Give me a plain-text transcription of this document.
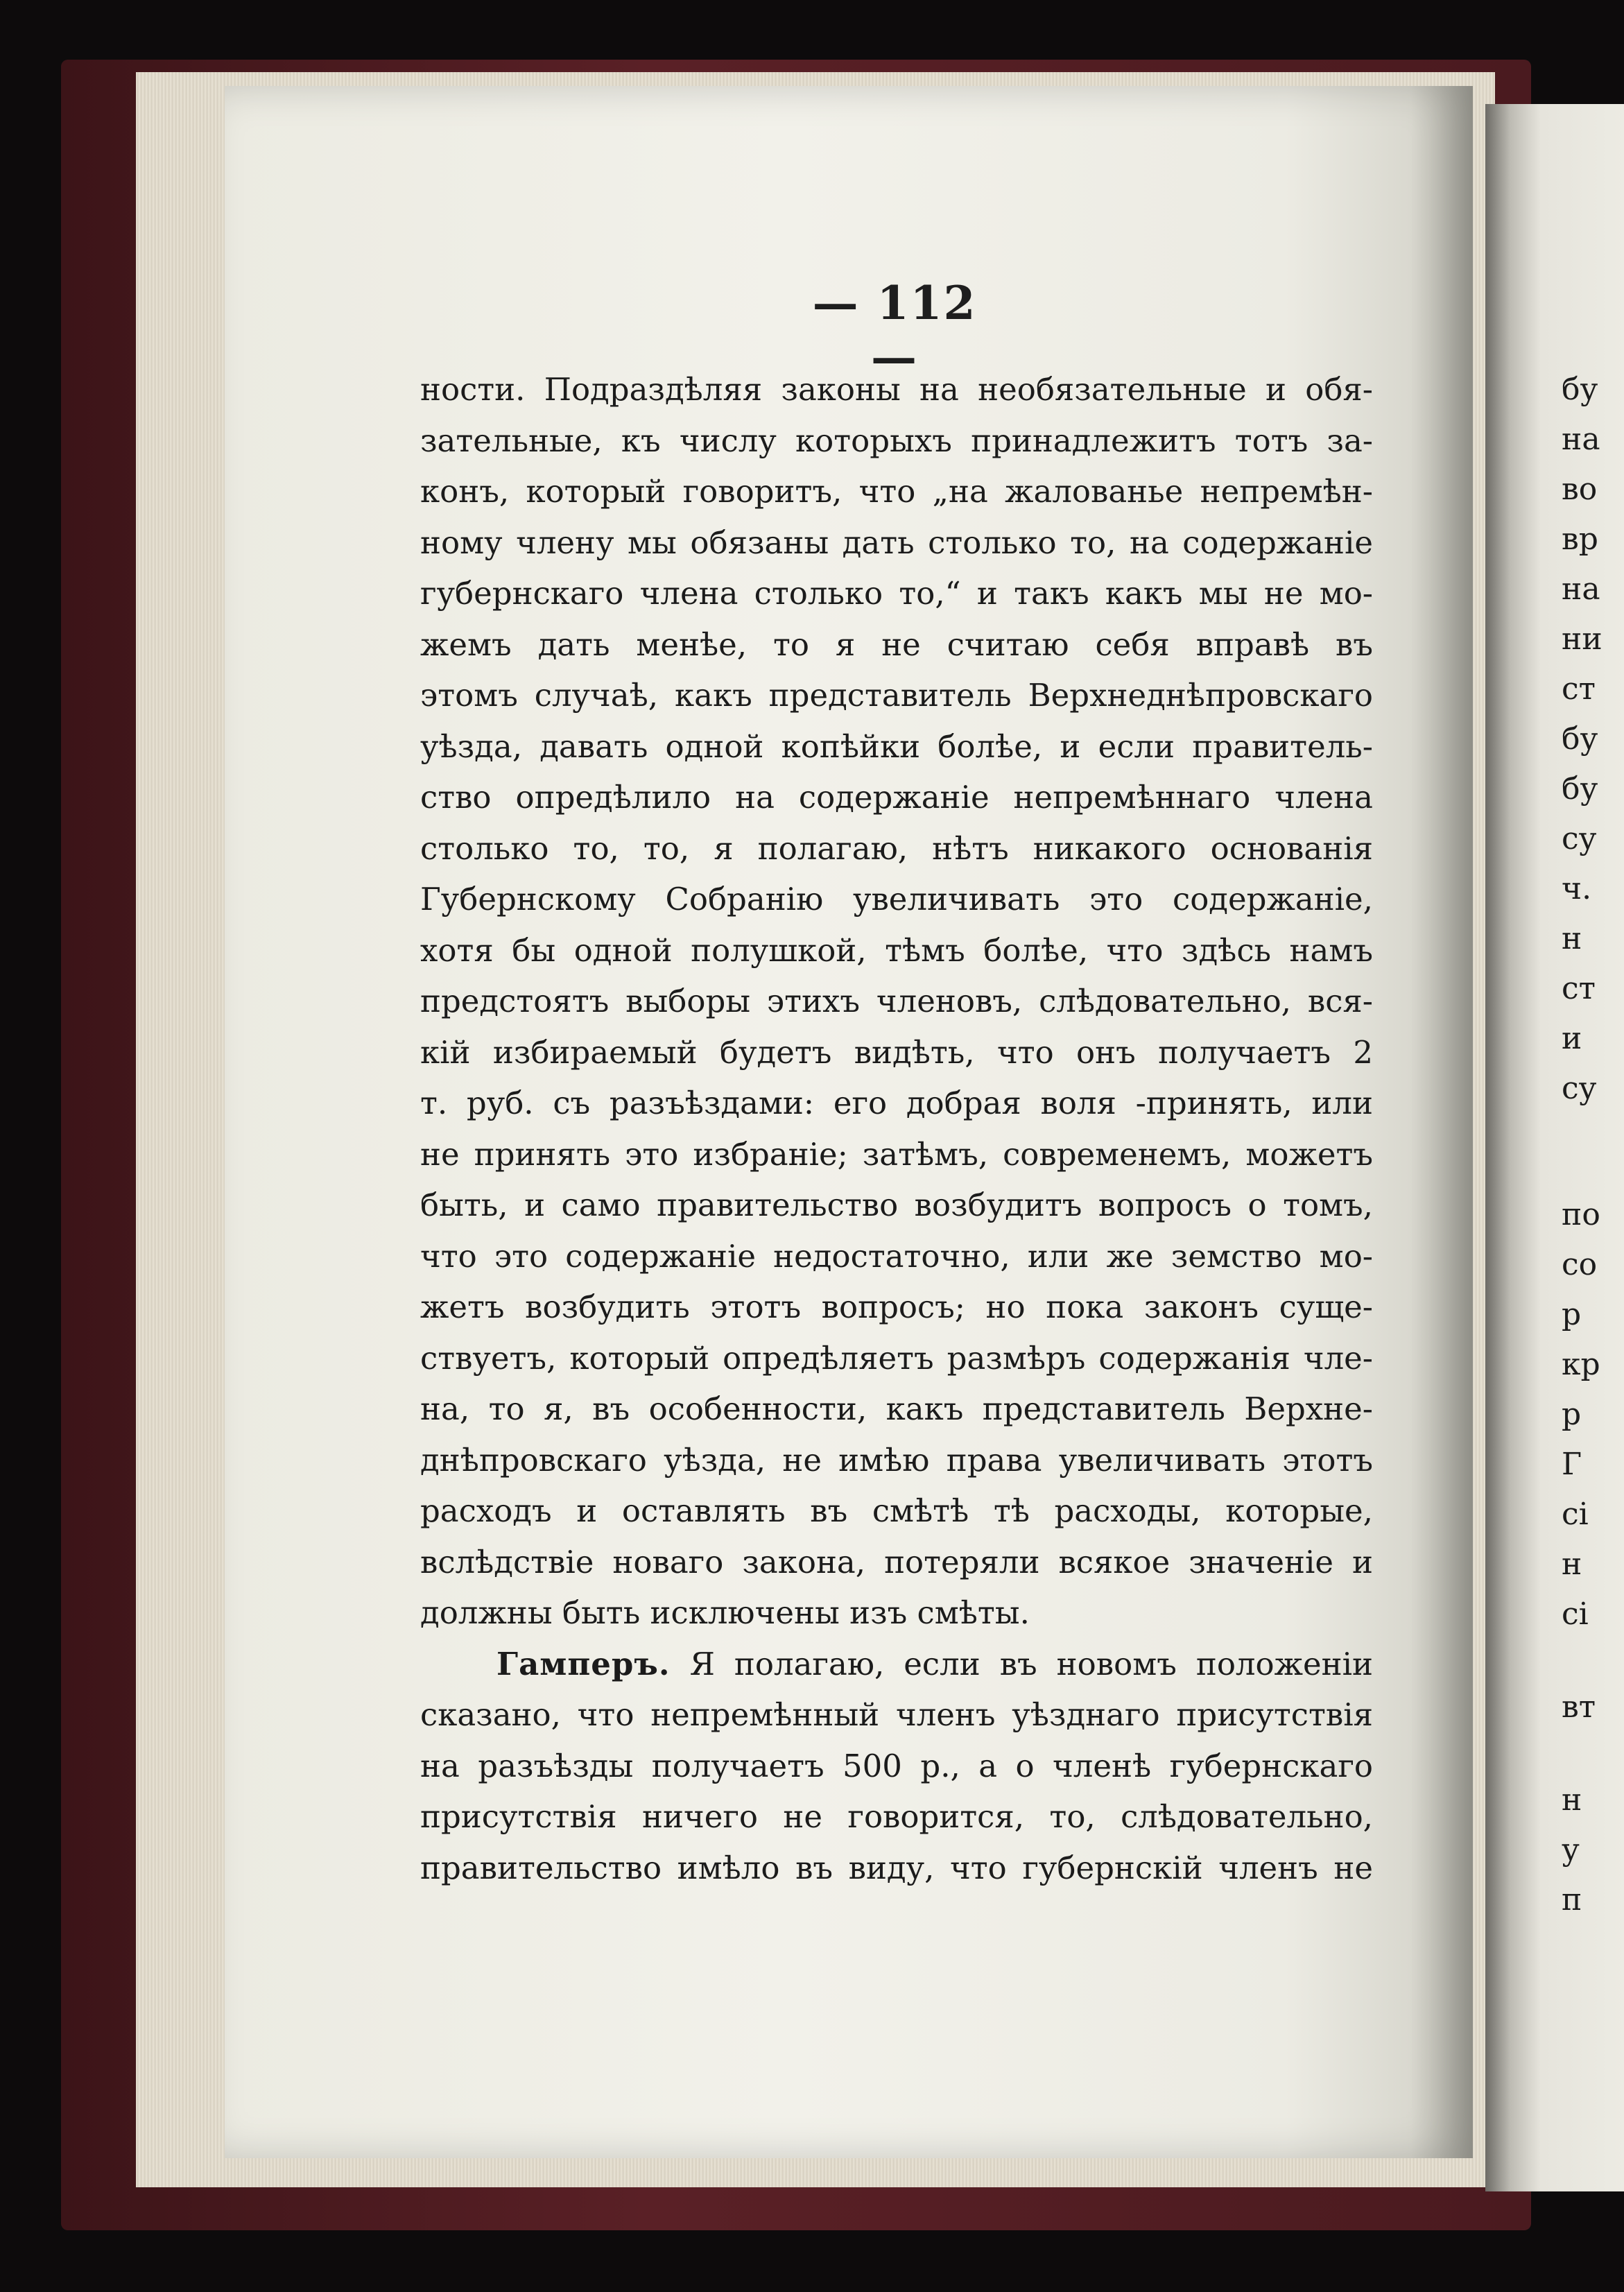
бу
на
во
вр
на
ни
ст
бу
бу
су
ч.
н
ст
и
су
по
со
р
кр
р
Г
сі
н
сі
вт
н
у
п
— 112 —
ности. Подраздѣляя законы на необязательные и обя-
зательные, къ числу которыхъ принадлежитъ тотъ за-
конъ, который говоритъ, что „на жалованье непремѣн-
ному члену мы обязаны дать столько то, на содержаніе
губернскаго члена столько то,“ и такъ какъ мы не мо-
жемъ дать менѣе, то я не считаю себя вправѣ въ
этомъ случаѣ, какъ представитель Верхнеднѣпровскаго
уѣзда, давать одной копѣйки болѣе, и если правитель-
ство опредѣлило на содержаніе непремѣннаго члена
столько то, то, я полагаю, нѣтъ никакого основанія
Губернскому Собранію увеличивать это содержаніе,
хотя бы одной полушкой, тѣмъ болѣе, что здѣсь намъ
предстоятъ выборы этихъ членовъ, слѣдовательно, вся-
кій избираемый будетъ видѣть, что онъ получаетъ 2
т. руб. съ разъѣздами: его добрая воля -принять, или
не принять это избраніе; затѣмъ, современемъ, можетъ
быть, и само правительство возбудитъ вопросъ о томъ,
что это содержаніе недостаточно, или же земство мо-
жетъ возбудить этотъ вопросъ; но пока законъ суще-
ствуетъ, который опредѣляетъ размѣръ содержанія чле-
на, то я, въ особенности, какъ представитель Верхне-
днѣпровскаго уѣзда, не имѣю права увеличивать этотъ
расходъ и оставлять въ смѣтѣ тѣ расходы, которые,
вслѣдствіе новаго закона, потеряли всякое значеніе и
должны быть исключены изъ смѣты.
Гамперъ. Я полагаю, если въ новомъ положеніи
сказано, что непремѣнный членъ уѣзднаго присутствія
на разъѣзды получаетъ 500 р., а о членѣ губернскаго
присутствія ничего не говорится, то, слѣдовательно,
правительство имѣло въ виду, что губернскій членъ не
